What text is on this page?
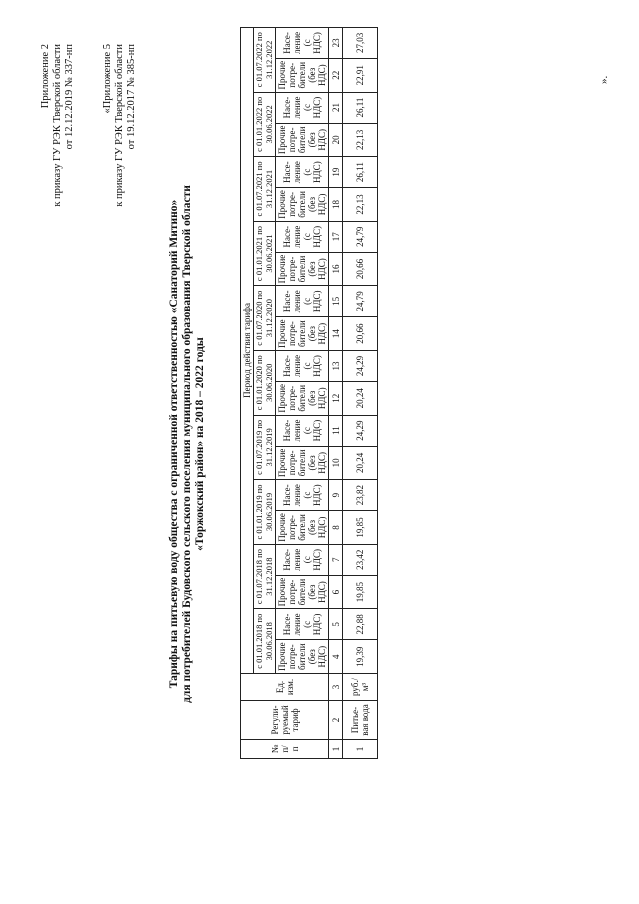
Приложение 2 к приказу ГУ РЭК Тверской области от 12.12.2019 № 337-нп	«Приложение 5 к приказу ГУ РЭК Тверской области от 19.12.2017 № 385-нп
Тарифы на питьевую воду общества с ограниченной ответственностью «Санаторий Митино» для потребителей Будовского сельского поселения муниципального образования Тверской области «Торжокский район» на 2018 – 2022 годы
№ п/ п	Регули-руемый тариф	Ед. изм.	Период действия тарифа																			
			с 01.01.2018 по 30.06.2018		с 01.07.2018 по 31.12.2018		с 01.01.2019 по 30.06.2019		с 01.07.2019 по 31.12.2019		с 01.01.2020 по 30.06.2020		с 01.07.2020 по 31.12.2020		с 01.01.2021 по 30.06.2021		с 01.07.2021 по 31.12.2021		с 01.01.2022 по 30.06.2022		с 01.07.2022 по 31.12.2022	
			Прочие потре-бители (без НДС)	Насе-ление (с НДС)	Прочие потре-бители (без НДС)	Насе-ление (с НДС)	Прочие потре-бители (без НДС)	Насе-ление (с НДС)	Прочие потре-бители (без НДС)	Насе-ление (с НДС)	Прочие потре-бители (без НДС)	Насе-ление (с НДС)	Прочие потре-бители (без НДС)	Насе-ление (с НДС)	Прочие потре-бители (без НДС)	Насе-ление (с НДС)	Прочие потре-бители (без НДС)	Насе-ление (с НДС)	Прочие потре-бители (без НДС)	Насе-ление (с НДС)	Прочие потре-бители (без НДС)	Насе-ление (с НДС)
1	2	3	4	5	6	7	8	9	10	11	12	13	14	15	16	17	18	19	20	21	22	23
1	Питье-вая вода	руб./м³	19,39	22,88	19,85	23,42	19,85	23,82	20,24	24,29	20,24	24,29	20,66	24,79	20,66	24,79	22,13	26,11	22,13	26,11	22,91	27,03
».
